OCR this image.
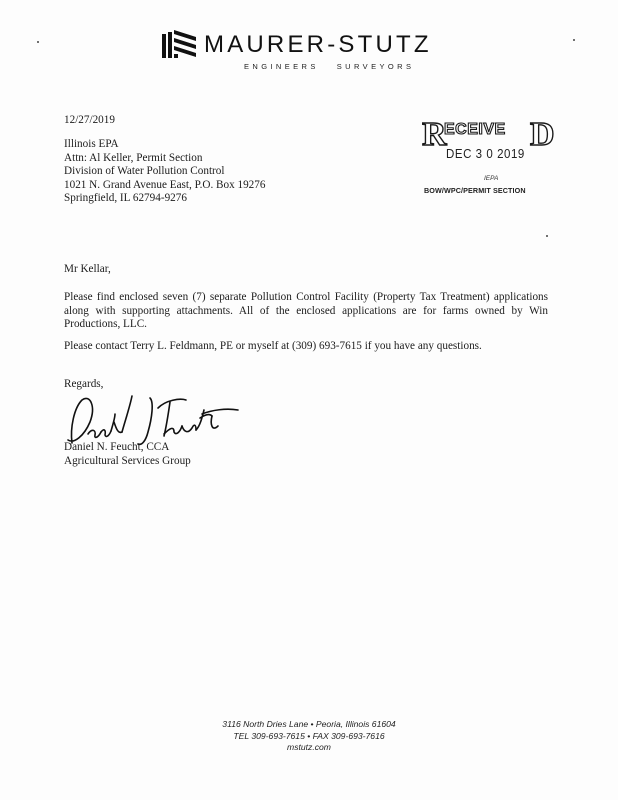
MAURER-STUTZ
ENGINEERS SURVEYORS
12/27/2019
Illinois EPA
Attn: Al Keller, Permit Section
Division of Water Pollution Control
1021 N. Grand Avenue East, P.O. Box 19276
Springfield, IL 62794-9276
R
ECEIVE D
DEC 3 0 2019
IEPA
BOW/WPC/PERMIT SECTION
Mr Kellar,
Please find enclosed seven (7) separate Pollution Control Facility (Property Tax Treatment) applications along with supporting attachments. All of the enclosed applications are for farms owned by Win Productions, LLC.
Please contact Terry L. Feldmann, PE or myself at (309) 693-7615 if you have any questions.
Regards,
Daniel N. Feucht, CCA
Agricultural Services Group
3116 North Dries Lane • Peoria, Illinois 61604
TEL 309-693-7615 • FAX 309-693-7616
mstutz.com
